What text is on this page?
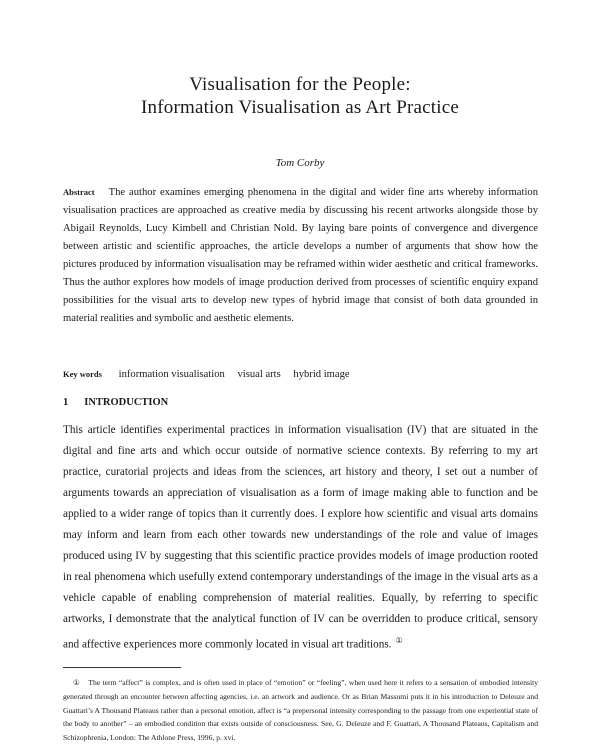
Visualisation for the People:
Information Visualisation as Art Practice
Tom Corby

Abstract The author examines emerging phenomena in the digital and wider fine arts whereby information visualisation practices are approached as creative media by discussing his recent artworks alongside those by Abigail Reynolds, Lucy Kimbell and Christian Nold. By laying bare points of convergence and divergence between artistic and scientific approaches, the article develops a number of arguments that show how the pictures produced by information visualisation may be reframed within wider aesthetic and critical frameworks. Thus the author explores how models of image production derived from processes of scientific enquiry expand possibilities for the visual arts to develop new types of hybrid image that consist of both data grounded in material realities and symbolic and aesthetic elements.

Key words information visualisation visual arts hybrid image
1 INTRODUCTION

This article identifies experimental practices in information visualisation (IV) that are situated in the digital and fine arts and which occur outside of normative science contexts. By referring to my art practice, curatorial projects and ideas from the sciences, art history and theory, I set out a number of arguments towards an appreciation of visualisation as a form of image making able to function and be applied to a wider range of topics than it currently does. I explore how scientific and visual arts domains may inform and learn from each other towards new understandings of the role and value of images produced using IV by suggesting that this scientific practice provides models of image production rooted in real phenomena which usefully extend contemporary understandings of the image in the visual arts as a vehicle capable of enabling comprehension of material realities. Equally, by referring to specific artworks, I demonstrate that the analytical function of IV can be overridden to produce critical, sensory and affective experiences more commonly located in visual art traditions. ①

① The term “affect” is complex, and is often used in place of “emotion” or “feeling”, when used here it refers to a sensation of embodied intensity generated through an encounter between affecting agencies, i.e. an artwork and audience. Or as Brian Massumi puts it in his introduction to Deleuze and Guattari’s A Thousand Plateaus rather than a personal emotion, affect is “a prepersonal intensity corresponding to the passage from one experiential state of the body to another” – an embodied condition that exists outside of consciousness. See, G. Deleuze and F. Guattari, A Thousand Plateaus, Capitalism and Schizophrenia, London: The Athlone Press, 1996, p. xvi.
